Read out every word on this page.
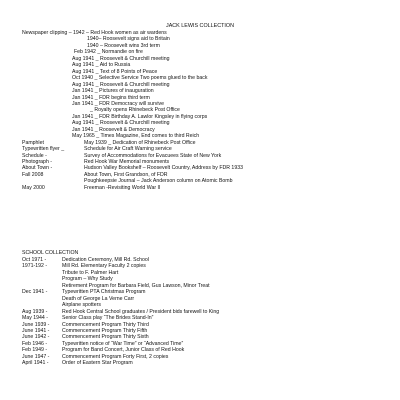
JACK LEWIS COLLECTION
Newspaper clipping – 1942 – Red Hook women as air wardens
1940– Roosevelt signs aid to Britain
1940 – Roosevelt wins 3rd term
Feb 1942 _ Normandie on fire
Aug 1941 _ Roosevelt & Churchill meeting
Aug 1941 _ Aid to Russia
Aug 1941 _ Text of 8 Points of Peace
Oct 1940 _ Selective Service Two poems glued to the back
Aug 1941 _ Roosevelt & Churchill meeting
Jan 1941 _ Pictures of inauguration
Jan 1941 _ FDR begins third term
Jan 1941 _ FDR Democracy will survive
_ Royalty opens Rhinebeck Post Office
Jan 1941 _ FDR Birthday A. Lawlor Kingsley in flying corps
Aug 1941 _ Roosevelt & Churchill meeting
Jan 1941 _ Roosevelt & Democracy
May 1965 _ Times Magazine, End comes to third Reich
Pamphlet	May 1939 _ Dedication of Rhinebeck Post Office
Typewritten flyer _	Schedule for Air Craft Warning service
Schedule -	Survey of Accommodations for Evacuees State of New York
Photograph -	Red Hook War Memorial monuments
About Town -	Hudson Valley Bookshelf – Roosevelt Country, Address by FDR 1933
Fall 2008	About Town, First Grandson, of FDR
Poughkeepsie Journal – Jack Anderson column on Atomic Bomb
May 2000	Freeman -Revisiting World War II
SCHOOL COLLECTION
Oct 1971 -	Dedication Ceremony, Mill Rd. School
1971-192 -	Mill Rd. Elementary Faculty 2 copies
Tribute to F. Palmer Hart
Program – Why Study
Retirement Program for Barbara Field, Gus Lawson, Minor Treat
Dec 1941 -	Typewritten PTA Christmas Program
Death of George La Verne Carr
Airplane spotters
Aug 1939 -	Red Hook Central School graduates / President bids farewell to King
May 1944 -	Senior Class play “The Brides Stand-In”
June 1939 - Commencement Program Thirty Third
June 1941 - Commencement Program Thirty Fifth
June 1942 - Commencement Program Thirty Sixth
Feb 1946 -	Typewritten notice of “War Time” or “Advanced Time”
Feb 1949 -	Program for Band Concert, Junior Class of Red Hook
June 1947 - Commencement Program Forty First, 2 copies
April 1941 -	Order of Eastern Star Program
